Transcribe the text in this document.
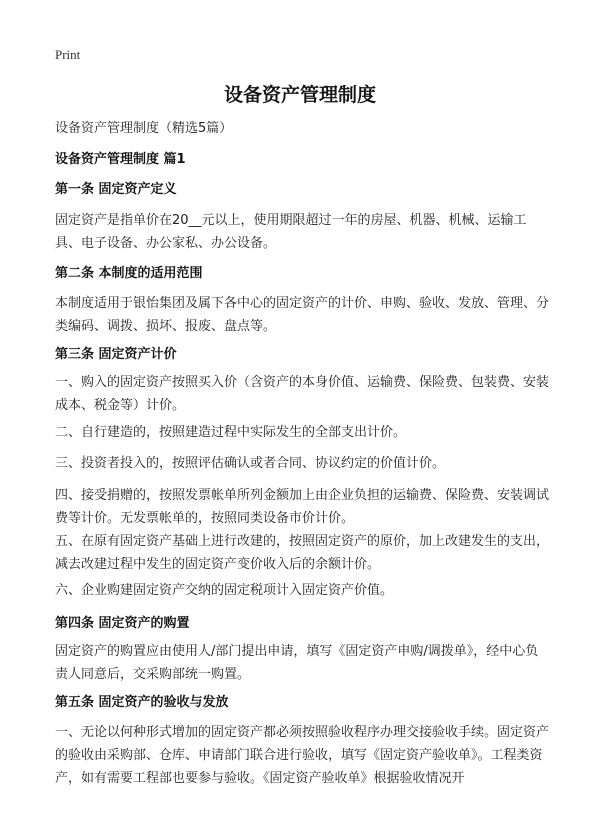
Print
设备资产管理制度
设备资产管理制度（精选5篇）
设备资产管理制度 篇1
第一条 固定资产定义
固定资产是指单价在20__元以上，使用期限超过一年的房屋、机器、机械、运输工具、电子设备、办公家私、办公设备。
第二条 本制度的适用范围
本制度适用于银怡集团及属下各中心的固定资产的计价、申购、验收、发放、管理、分类编码、调拨、损坏、报废、盘点等。
第三条 固定资产计价
一、购入的固定资产按照买入价（含资产的本身价值、运输费、保险费、包装费、安装成本、税金等）计价。
二、自行建造的，按照建造过程中实际发生的全部支出计价。
三、投资者投入的，按照评估确认或者合同、协议约定的价值计价。
四、接受捐赠的，按照发票帐单所列金额加上由企业负担的运输费、保险费、安装调试费等计价。无发票帐单的，按照同类设备市价计价。
五、在原有固定资产基础上进行改建的，按照固定资产的原价，加上改建发生的支出，减去改建过程中发生的固定资产变价收入后的余额计价。
六、企业购建固定资产交纳的固定税项计入固定资产价值。
第四条 固定资产的购置
固定资产的购置应由使用人/部门提出申请，填写《固定资产申购/调拨单》，经中心负责人同意后，交采购部统一购置。
第五条 固定资产的验收与发放
一、无论以何种形式增加的固定资产都必须按照验收程序办理交接验收手续。固定资产的验收由采购部、仓库、申请部门联合进行验收，填写《固定资产验收单》。工程类资产，如有需要工程部也要参与验收。《固定资产验收单》根据验收情况开
